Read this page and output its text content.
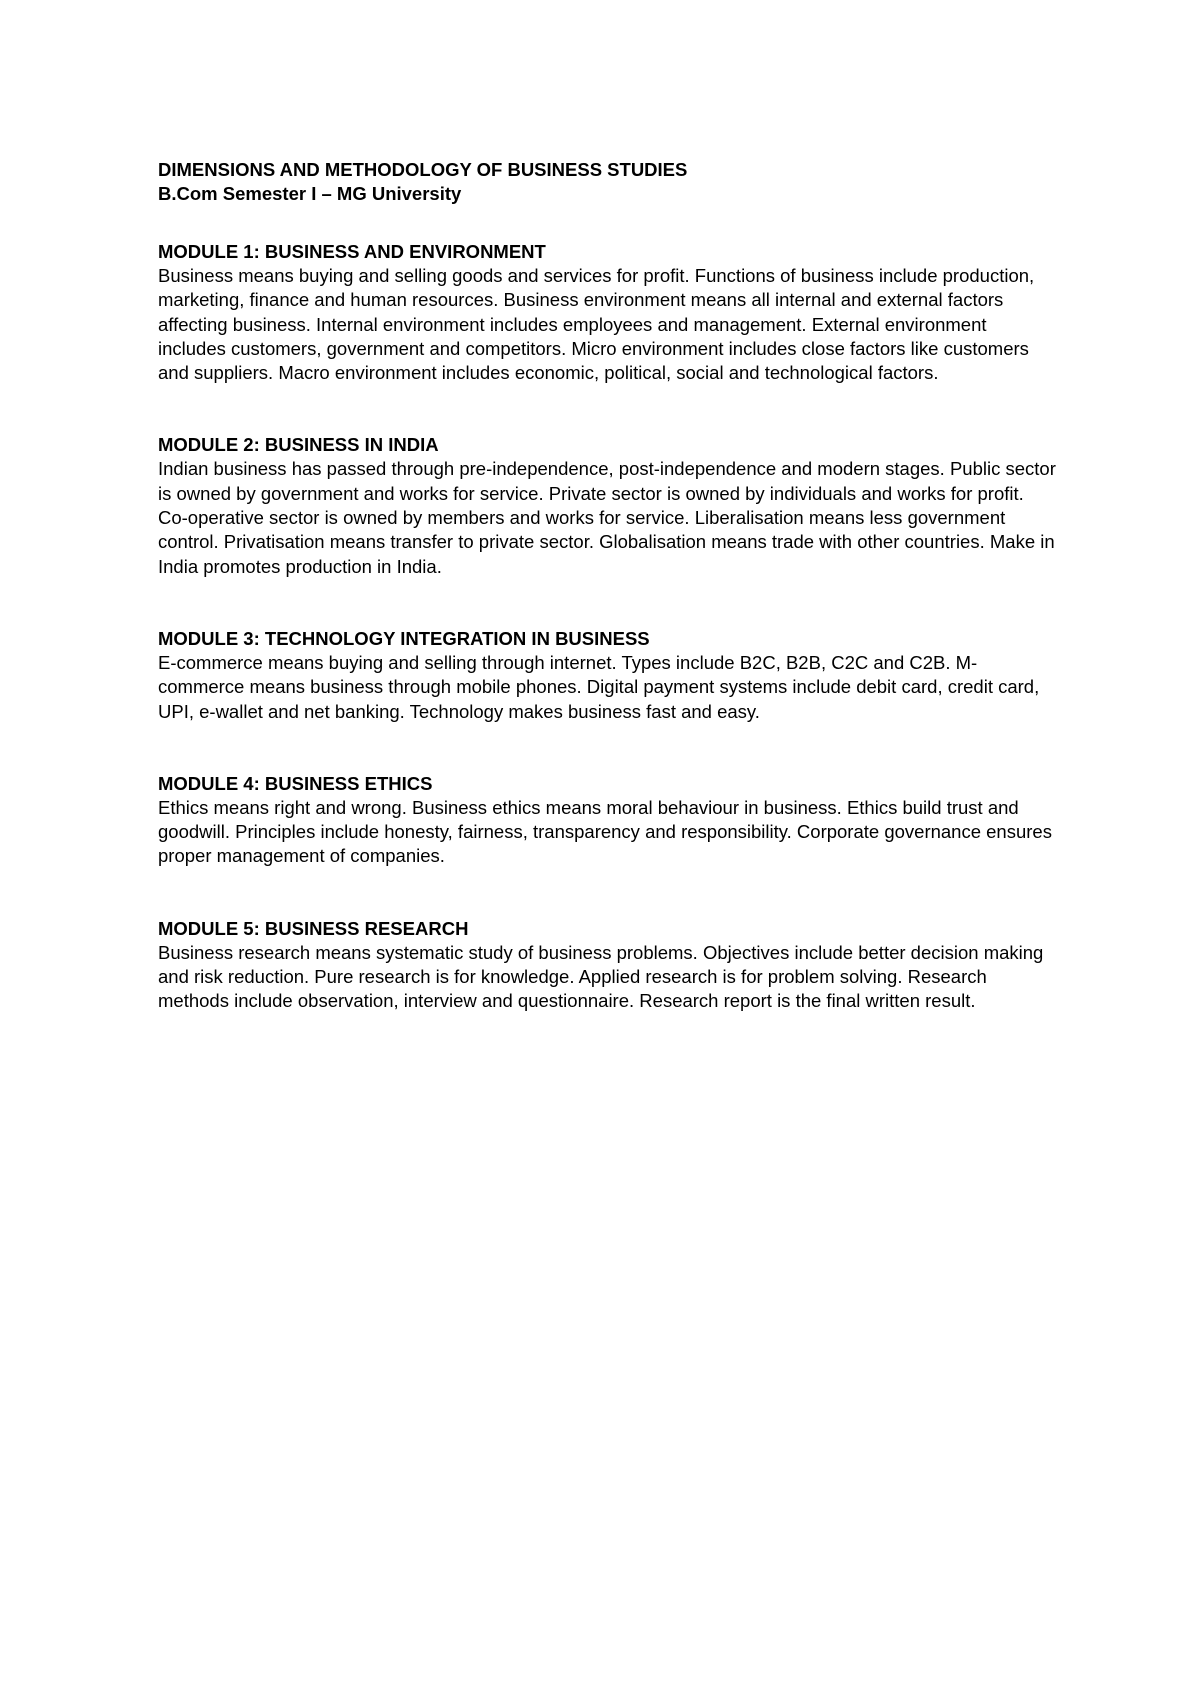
DIMENSIONS AND METHODOLOGY OF BUSINESS STUDIES

B.Com Semester I – MG University

MODULE 1: BUSINESS AND ENVIRONMENT

Business means buying and selling goods and services for profit. Functions of business include production, marketing, finance and human resources. Business environment means all internal and external factors affecting business. Internal environment includes employees and management. External environment includes customers, government and competitors. Micro environment includes close factors like customers and suppliers. Macro environment includes economic, political, social and technological factors.

MODULE 2: BUSINESS IN INDIA

Indian business has passed through pre-independence, post-independence and modern stages. Public sector is owned by government and works for service. Private sector is owned by individuals and works for profit. Co-operative sector is owned by members and works for service. Liberalisation means less government control. Privatisation means transfer to private sector. Globalisation means trade with other countries. Make in India promotes production in India.

MODULE 3: TECHNOLOGY INTEGRATION IN BUSINESS

E-commerce means buying and selling through internet. Types include B2C, B2B, C2C and C2B. M-commerce means business through mobile phones. Digital payment systems include debit card, credit card, UPI, e-wallet and net banking. Technology makes business fast and easy.

MODULE 4: BUSINESS ETHICS

Ethics means right and wrong. Business ethics means moral behaviour in business. Ethics build trust and goodwill. Principles include honesty, fairness, transparency and responsibility. Corporate governance ensures proper management of companies.

MODULE 5: BUSINESS RESEARCH

Business research means systematic study of business problems. Objectives include better decision making and risk reduction. Pure research is for knowledge. Applied research is for problem solving. Research methods include observation, interview and questionnaire. Research report is the final written result.
